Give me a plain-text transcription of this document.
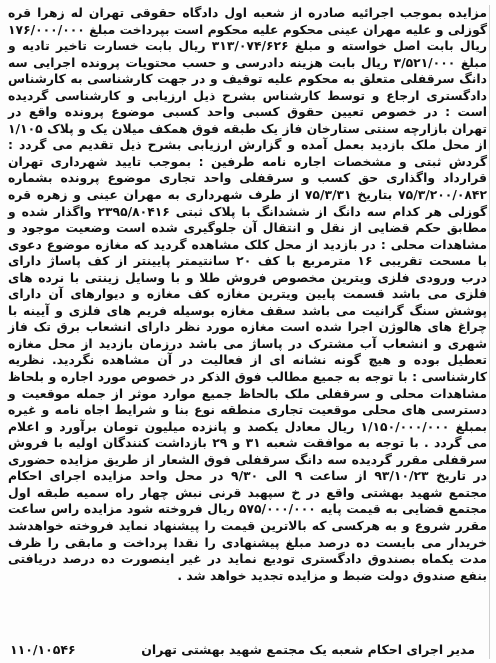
مزایده بموجب اجرائیه صادره از شعبه اول دادگاه حقوقی تهران له زهرا قره گوزلی و علیه مهران عینی محکوم علیه محکوم است بپرداخت مبلغ ۱۷۶/۰۰۰/۰۰۰ ریال بابت اصل خواسته و مبلغ ۳۱۳/۰۷۴/۶۲۶ ریال بابت خسارت تاخیر تادیه و مبلغ ۳/۵۲۱/۰۰۰ ریال بابت هزینه دادرسی و حسب محتویات پرونده اجرایی سه دانگ سرقفلی متعلق به محکوم علیه توقیف و در جهت کارشناسی به کارشناس دادگستری ارجاع و توسط کارشناس بشرح ذیل ارزیابی و کارشناسی گردیده است : در خصوص تعیین حقوق کسبی واحد کسبی موضوع پرونده واقع در تهران بازارچه سنتی ستارخان فاز یک طبقه فوق همکف میلان یک و پلاک ۱/۱۰۵ از محل ملک بازدید بعمل آمده و گزارش ارزیابی بشرح ذیل تقدیم می گردد : گردش ثبتی و مشخصات اجاره نامه طرفین : بموجب تایید شهرداری تهران قرارداد واگذاری حق کسب و سرقفلی واحد تجاری موضوع پرونده بشماره ۷۵/۳/۲۰۰/۰۸۴۲ بتاریخ ۷۵/۳/۳۱ از طرف شهرداری به مهران عینی و زهره قره گوزلی هر کدام سه دانگ از ششدانگ با پلاک ثبتی ۲۳۹۵/۸۰۴۱۶ واگذار شده و مطابق حکم قضایی از نقل و انتقال آن جلوگیری شده است وضعیت موجود و مشاهدات محلی : در بازدید از محل کلک مشاهده گردید که مغازه موضوع دعوی با مسحت تقریبی ۱۶ مترمربع با کف ۲۰ سانتیمتر پایینتر از کف پاساژ دارای درب ورودی فلزی ویترین مخصوص فروش طلا و با وسایل زینتی با نرده های فلزی می باشد قسمت پایین ویترین مغازه کف مغازه و دیوارهای آن دارای پوشش سنگ گرانیت می باشد سقف مغازه بوسیله فریم های فلزی و آیینه با چراغ های هالوژن اجرا شده است مغازه مورد نظر دارای انشعاب برق تک فاز شهری و انشعاب آب مشترک در پاساژ می باشد درزمان بازدید از محل مغازه تعطیل بوده و هیچ گونه نشانه ای از فعالیت در آن مشاهده نگردید. نظریه کارشناسی : با توجه به جمیع مطالب فوق الذکر در خصوص مورد اجاره و بلحاظ مشاهدات محلی و سرقفلی ملک بالحاظ جمیع موارد موثر از جمله موقعیت و دسترسی های محلی موقعیت تجاری منطقه نوع بنا و شرایط اجاه نامه و غیره بمبلغ ۱/۱۵۰/۰۰۰/۰۰۰ ریال معادل یکصد و پانزده میلیون تومان برآورد و اعلام می گردد . با توجه به موافقت شعبه ۳۱ و ۲۹ بازداشت کنندگان اولیه با فروش سرقفلی مقرر گردیده سه دانگ سرقفلی فوق الشعار از طریق مزایده حضوری در تاریخ ۹۳/۱۰/۲۳ از ساعت ۹ الی ۹/۳۰ در محل واحد مزایده اجرای احکام مجتمع شهید بهشتی واقع در خ سپهبد قرنی نبش چهار راه سمیه طبقه اول مجتمع قضایی به قیمت پایه ۵۷۵/۰۰۰/۰۰۰ ریال فروخته شود مزایده راس ساعت مقرر شروع و به هرکسی که بالاترین قیمت را پیشنهاد نماید فروخته خواهدشد خریدار می بایست ده درصد مبلغ پیشنهادی را نقدا پرداخت و مابقی را ظرف مدت یکماه بصندوق دادگستری تودیع نماید در غیر اینصورت ده درصد دریافتی بنفع صندوق دولت ضبط و مزایده تجدید خواهد شد .

مدیر اجرای احکام شعبه یک مجتمع شهید بهشتی تهران
۱۱۰/۱۰۵۴۶
